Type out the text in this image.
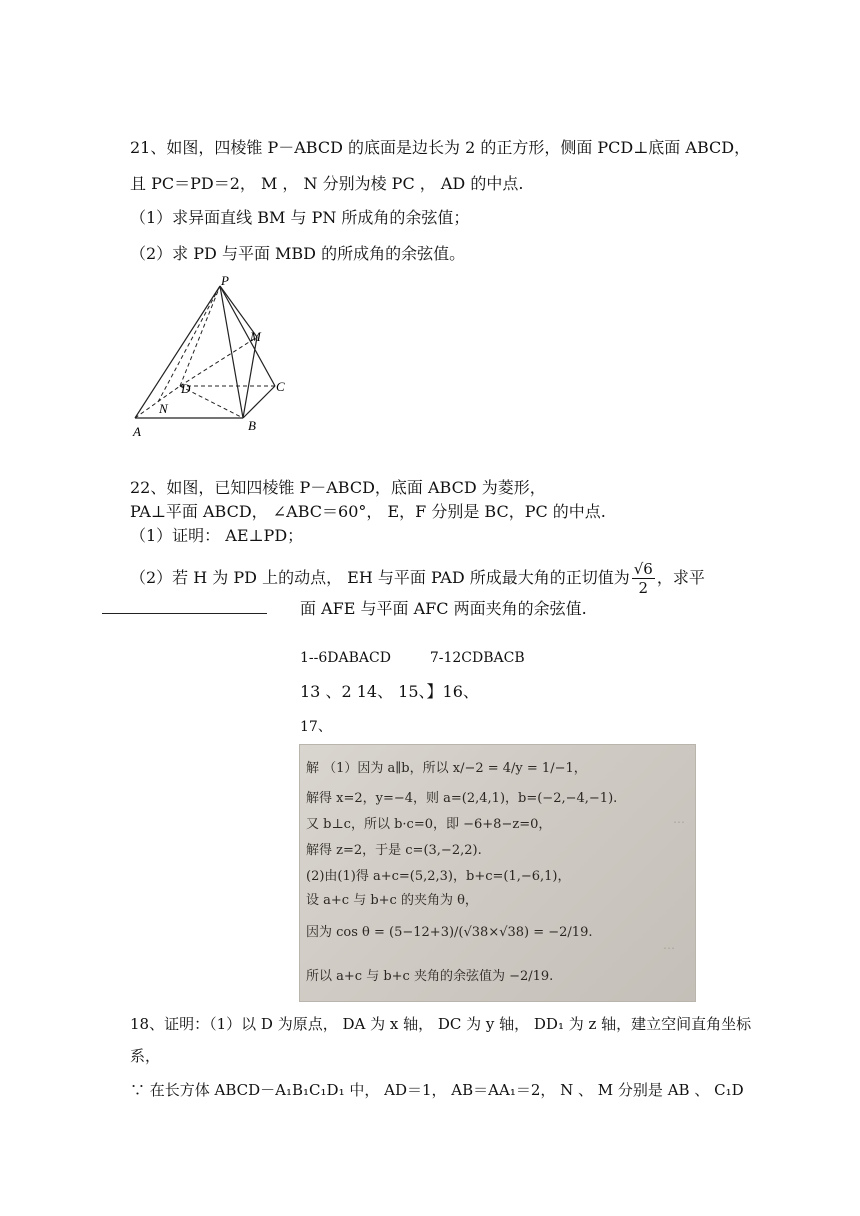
21、如图，四棱锥 P－ABCD 的底面是边长为 2 的正方形，侧面 PCD⊥底面 ABCD，
且 PC＝PD＝2， M ， N 分别为棱 PC ， AD 的中点.
（1）求异面直线 BM 与 PN 所成角的余弦值；
（2）求 PD 与平面 MBD 的所成角的余弦值。
P
M
D	C
N
A	B
22、如图，已知四棱锥 P－ABCD，底面 ABCD 为菱形，
PA⊥平面 ABCD， ∠ABC＝60°， E，F 分别是 BC，PC 的中点.
（1）证明： AE⊥PD；
（2）若 H 为 PD 上的动点， EH 与平面 PAD 所成最大角的正切值为 $\frac{√6}{2}$ ，求平
面 AFE 与平面 AFC 两面夹角的余弦值.
1--6DABACD	7-12CDBACB
13 、2 14、 15、】16、
17、
⋯
⋯
解 （1）因为 a∥b，所以 x/−2 = 4/y = 1/−1，
解得 x=2，y=−4，则 a=(2,4,1)，b=(−2,−4,−1).
又 b⊥c，所以 b·c=0，即 −6+8−z=0，
解得 z=2，于是 c=(3,−2,2).
(2)由(1)得 a+c=(5,2,3)，b+c=(1,−6,1)，
设 a+c 与 b+c 的夹角为 θ，
因为 cos θ = (5−12+3)/(√38×√38) = −2/19.
所以 a+c 与 b+c 夹角的余弦值为 −2/19.
18、证明：（1）以 D 为原点， DA 为 x 轴， DC 为 y 轴， DD₁ 为 z 轴，建立空间直角坐标
系，
∵ 在长方体 ABCD－A₁B₁C₁D₁ 中， AD＝1， AB＝AA₁＝2， N 、 M 分别是 AB 、 C₁D
